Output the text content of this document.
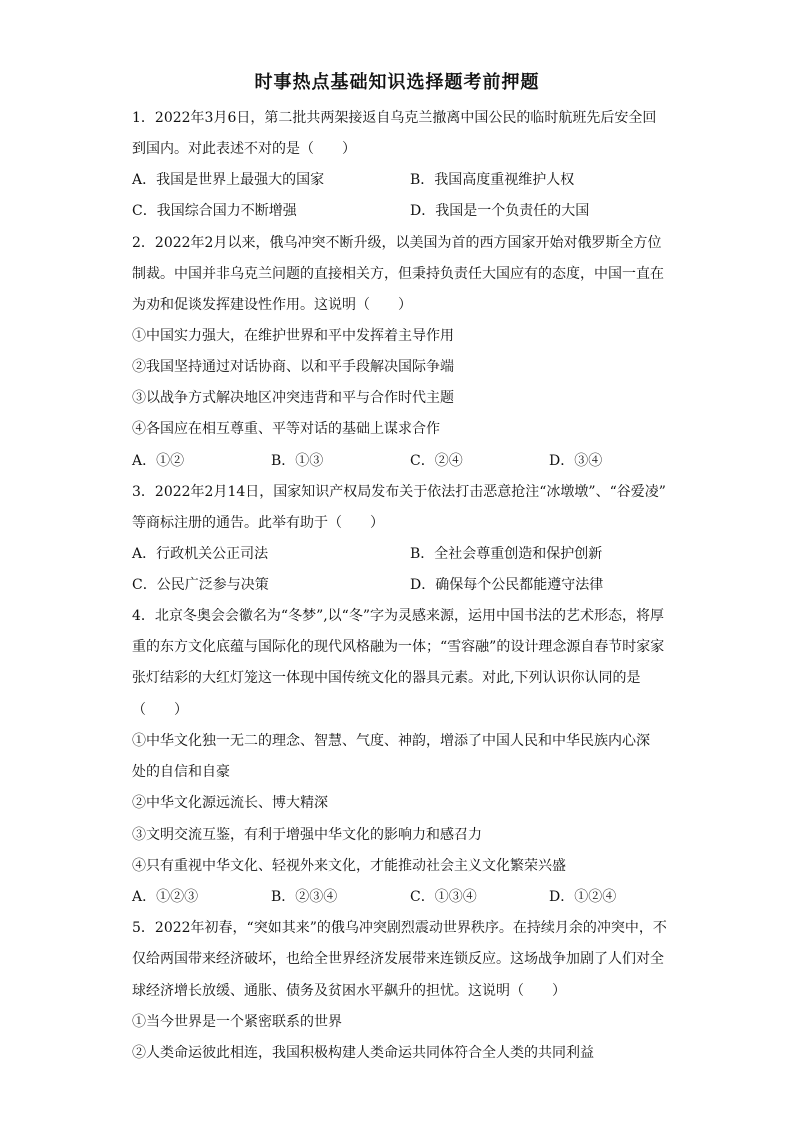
时事热点基础知识选择题考前押题
1．2022年3月6日，第二批共两架接返自乌克兰撤离中国公民的临时航班先后安全回
到国内。对此表述不对的是（　　）
A．我国是世界上最强大的国家	B．我国高度重视维护人权
C．我国综合国力不断增强	D．我国是一个负责任的大国
2．2022年2月以来，俄乌冲突不断升级，以美国为首的西方国家开始对俄罗斯全方位
制裁。中国并非乌克兰问题的直接相关方，但秉持负责任大国应有的态度，中国一直在
为劝和促谈发挥建设性作用。这说明（　　）
①中国实力强大，在维护世界和平中发挥着主导作用
②我国坚持通过对话协商、以和平手段解决国际争端
③以战争方式解决地区冲突违背和平与合作时代主题
④各国应在相互尊重、平等对话的基础上谋求合作
A．①②	B．①③	C．②④	D．③④
3．2022年2月14日，国家知识产权局发布关于依法打击恶意抢注“冰墩墩”、“谷爱凌”
等商标注册的通告。此举有助于（　　）
A．行政机关公正司法	B．全社会尊重创造和保护创新
C．公民广泛参与决策	D．确保每个公民都能遵守法律
4．北京冬奥会会徽名为“冬梦”,以“冬”字为灵感来源，运用中国书法的艺术形态，将厚
重的东方文化底蕴与国际化的现代风格融为一体；“雪容融”的设计理念源自春节时家家
张灯结彩的大红灯笼这一体现中国传统文化的器具元素。对此,下列认识你认同的是
（　　）
①中华文化独一无二的理念、智慧、气度、神韵，增添了中国人民和中华民族内心深
处的自信和自豪
②中华文化源远流长、博大精深
③文明交流互鉴，有利于增强中华文化的影响力和感召力
④只有重视中华文化、轻视外来文化，才能推动社会主义文化繁荣兴盛
A．①②③	B．②③④	C．①③④	D．①②④
5．2022年初春，“突如其来”的俄乌冲突剧烈震动世界秩序。在持续月余的冲突中，不
仅给两国带来经济破坏，也给全世界经济发展带来连锁反应。这场战争加剧了人们对全
球经济增长放缓、通胀、债务及贫困水平飙升的担忧。这说明（　　）
①当今世界是一个紧密联系的世界
②人类命运彼此相连，我国积极构建人类命运共同体符合全人类的共同利益
